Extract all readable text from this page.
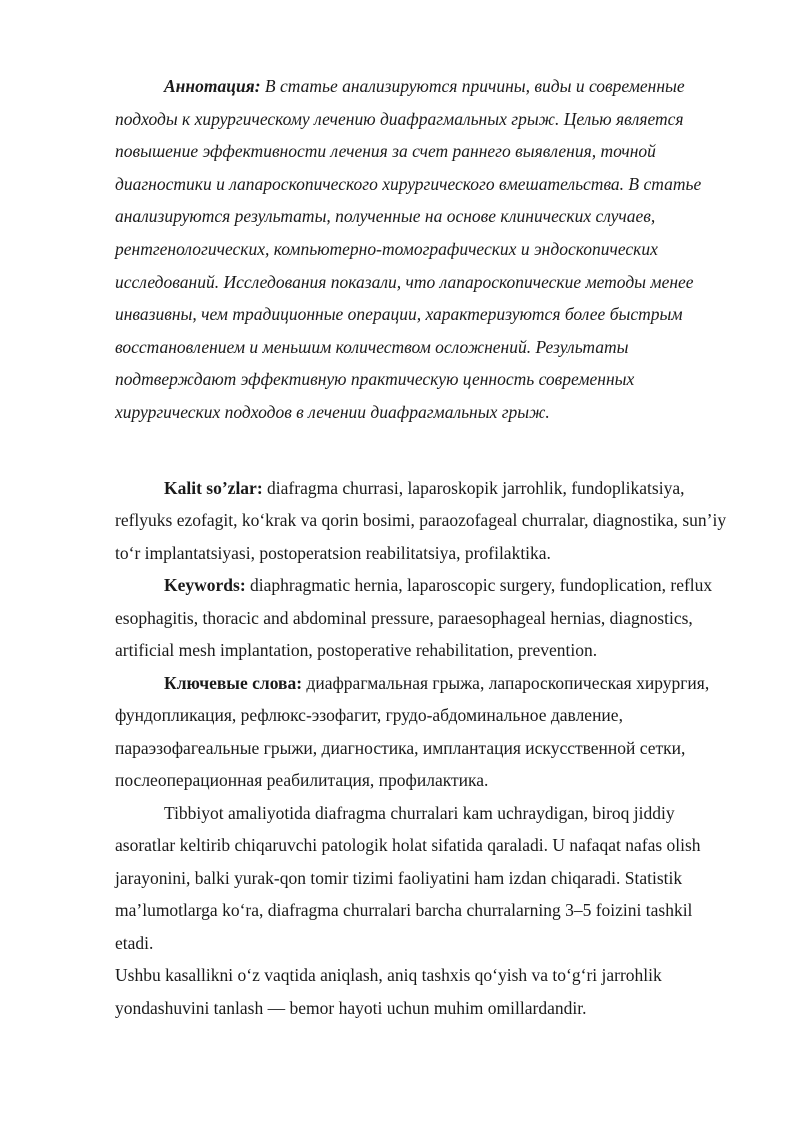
Аннотация: В статье анализируются причины, виды и современные подходы к хирургическому лечению диафрагмальных грыж. Целью является повышение эффективности лечения за счет раннего выявления, точной диагностики и лапароскопического хирургического вмешательства. В статье анализируются результаты, полученные на основе клинических случаев, рентгенологических, компьютерно-томографических и эндоскопических исследований. Исследования показали, что лапароскопические методы менее инвазивны, чем традиционные операции, характеризуются более быстрым восстановлением и меньшим количеством осложнений. Результаты подтверждают эффективную практическую ценность современных хирургических подходов в лечении диафрагмальных грыж.

Kalit so’zlar: diafragma churrasi, laparoskopik jarrohlik, fundoplikatsiya, reflyuks ezofagit, ko‘krak va qorin bosimi, paraozofageal churralar, diagnostika, sun’iy to‘r implantatsiyasi, postoperatsion reabilitatsiya, profilaktika.

Keywords: diaphragmatic hernia, laparoscopic surgery, fundoplication, reflux esophagitis, thoracic and abdominal pressure, paraesophageal hernias, diagnostics, artificial mesh implantation, postoperative rehabilitation, prevention.

Ключевые слова: диафрагмальная грыжа, лапароскопическая хирургия, фундопликация, рефлюкс-эзофагит, грудо-абдоминальное давление, параэзофагеальные грыжи, диагностика, имплантация искусственной сетки, послеоперационная реабилитация, профилактика.

Tibbiyot amaliyotida diafragma churralari kam uchraydigan, biroq jiddiy asoratlar keltirib chiqaruvchi patologik holat sifatida qaraladi. U nafaqat nafas olish jarayonini, balki yurak-qon tomir tizimi faoliyatini ham izdan chiqaradi. Statistik ma’lumotlarga ko‘ra, diafragma churralari barcha churralarning 3–5 foizini tashkil etadi.

Ushbu kasallikni o‘z vaqtida aniqlash, aniq tashxis qo‘yish va to‘g‘ri jarrohlik yondashuvini tanlash — bemor hayoti uchun muhim omillardandir.
